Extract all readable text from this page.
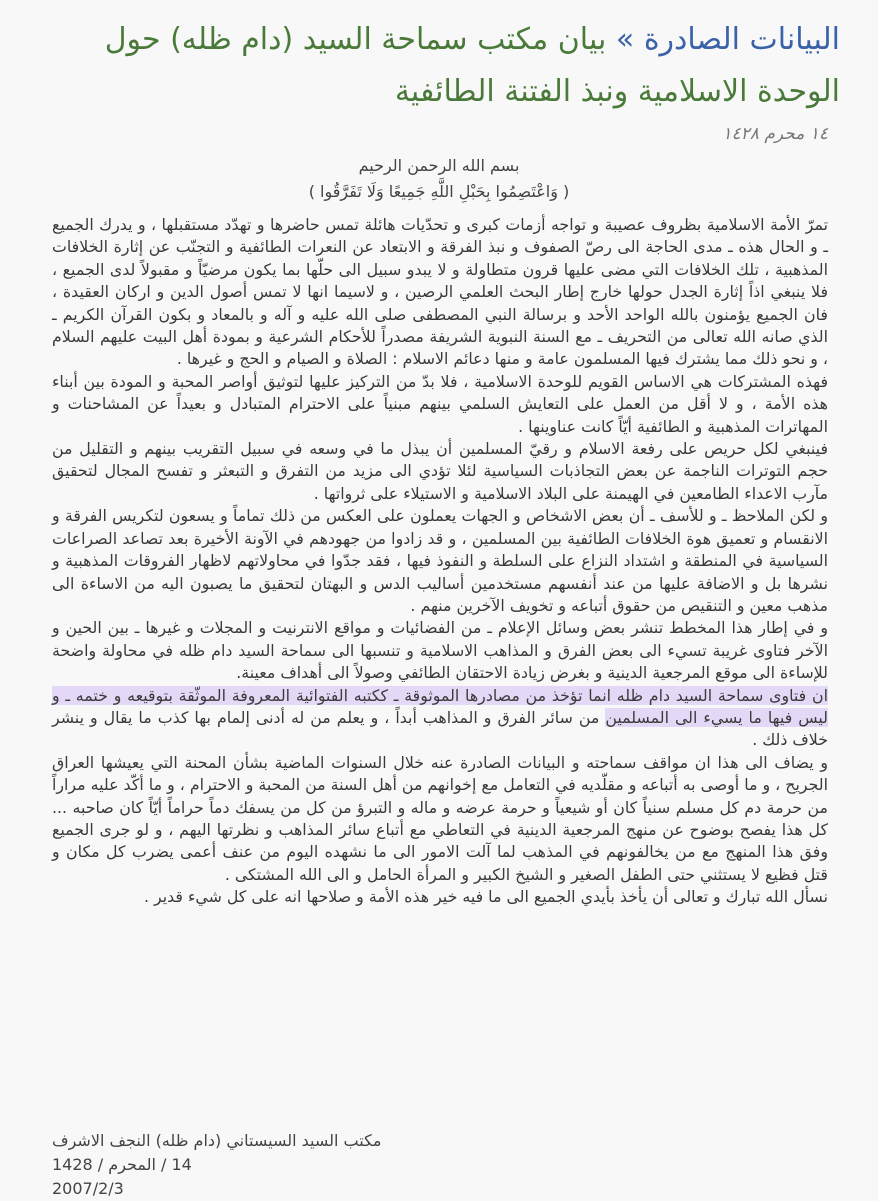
البيانات الصادرة » بيان مكتب سماحة السيد (دام ظله) حول الوحدة الاسلامية ونبذ الفتنة الطائفية
١٤ محرم ١٤٢٨
بسم الله الرحمن الرحيم
( وَاعْتَصِمُوا بِحَبْلِ اللَّهِ جَمِيعًا وَلَا تَفَرَّقُوا )

تمرّ الأمة الاسلامية بظروف عصيبة و تواجه أزمات كبرى و تحدّيات هائلة تمس حاضرها و تهدّد مستقبلها ، و يدرك الجميع ـ و الحال هذه ـ مدى الحاجة الى رصّ الصفوف و نبذ الفرقة و الابتعاد عن النعرات الطائفية و التجنّب عن إثارة الخلافات المذهبية ، تلك الخلافات التي مضى عليها قرون متطاولة و لا يبدو سبيل الى حلّها بما يكون مرضيّاً و مقبولاً لدى الجميع ، فلا ينبغي اذاً إثارة الجدل حولها خارج إطار البحث العلمي الرصين ، و لاسيما انها لا تمس أصول الدين و اركان العقيدة ، فان الجميع يؤمنون بالله الواحد الأحد و برسالة النبي المصطفى صلى الله عليه و آله و بالمعاد و بكون القرآن الكريم ـ الذي صانه الله تعالى من التحريف ـ مع السنة النبوية الشريفة مصدراً للأحكام الشرعية و بمودة أهل البيت عليهم السلام ، و نحو ذلك مما يشترك فيها المسلمون عامة و منها دعائم الاسلام : الصلاة و الصيام و الحج و غيرها .

فهذه المشتركات هي الاساس القويم للوحدة الاسلامية ، فلا بدّ من التركيز عليها لتوثيق أواصر المحبة و المودة بين أبناء هذه الأمة ، و لا أقل من العمل على التعايش السلمي بينهم مبنياً على الاحترام المتبادل و بعيداً عن المشاحنات و المهاترات المذهبية و الطائفية أيّاً كانت عناوينها .

فينبغي لكل حريص على رفعة الاسلام و رقيّ المسلمين أن يبذل ما في وسعه في سبيل التقريب بينهم و التقليل من حجم التوترات الناجمة عن بعض التجاذبات السياسية لئلا تؤدي الى مزيد من التفرق و التبعثر و تفسح المجال لتحقيق مآرب الاعداء الطامعين في الهيمنة على البلاد الاسلامية و الاستيلاء على ثرواتها .

و لكن الملاحظ ـ و للأسف ـ أن بعض الاشخاص و الجهات يعملون على العكس من ذلك تماماً و يسعون لتكريس الفرقة و الانقسام و تعميق هوة الخلافات الطائفية بين المسلمين ، و قد زادوا من جهودهم في الآونة الأخيرة بعد تصاعد الصراعات السياسية في المنطقة و اشتداد النزاع على السلطة و النفوذ فيها ، فقد جدّوا في محاولاتهم لاظهار الفروقات المذهبية و نشرها بل و الاضافة عليها من عند أنفسهم مستخدمين أساليب الدس و البهتان لتحقيق ما يصبون اليه من الاساءة الى مذهب معين و التنقيص من حقوق أتباعه و تخويف الآخرين منهم .

و في إطار هذا المخطط تنشر بعض وسائل الإعلام ـ من الفضائيات و مواقع الانترنيت و المجلات و غيرها ـ بين الحين و الآخر فتاوى غريبة تسيء الى بعض الفرق و المذاهب الاسلامية و تنسبها الى سماحة السيد دام ظله في محاولة واضحة للإساءة الى موقع المرجعية الدينية و بغرض زيادة الاحتقان الطائفي وصولاً الى أهداف معينة.

ان فتاوى سماحة السيد دام ظله انما تؤخذ من مصادرها الموثوقة ـ ككتبه الفتوائية المعروفة الموثّقة بتوقيعه و ختمه ـ و ليس فيها ما يسيء الى المسلمين من سائر الفرق و المذاهب أبداً ، و يعلم من له أدنى إلمام بها كذب ما يقال و ينشر خلاف ذلك .

و يضاف الى هذا ان مواقف سماحته و البيانات الصادرة عنه خلال السنوات الماضية بشأن المحنة التي يعيشها العراق الجريح ، و ما أوصى به أتباعه و مقلّديه في التعامل مع إخوانهم من أهل السنة من المحبة و الاحترام ، و ما أكّد عليه مراراً من حرمة دم كل مسلم سنياً كان أو شيعياً و حرمة عرضه و ماله و التبرؤ من كل من يسفك دماً حراماً أيّاً كان صاحبه ... كل هذا يفصح بوضوح عن منهج المرجعية الدينية في التعاطي مع أتباع سائر المذاهب و نظرتها اليهم ، و لو جرى الجميع وفق هذا المنهج مع من يخالفونهم في المذهب لما آلت الامور الى ما نشهده اليوم من عنف أعمى يضرب كل مكان و قتل فظيع لا يستثني حتى الطفل الصغير و الشيخ الكبير و المرأة الحامل و الى الله المشتكى .

نسأل الله تبارك و تعالى أن يأخذ بأيدي الجميع الى ما فيه خير هذه الأمة و صلاحها انه على كل شيء قدير .

مكتب السيد السيستاني (دام ظله) النجف الاشرف
14 / المحرم / 1428
2007/2/3
